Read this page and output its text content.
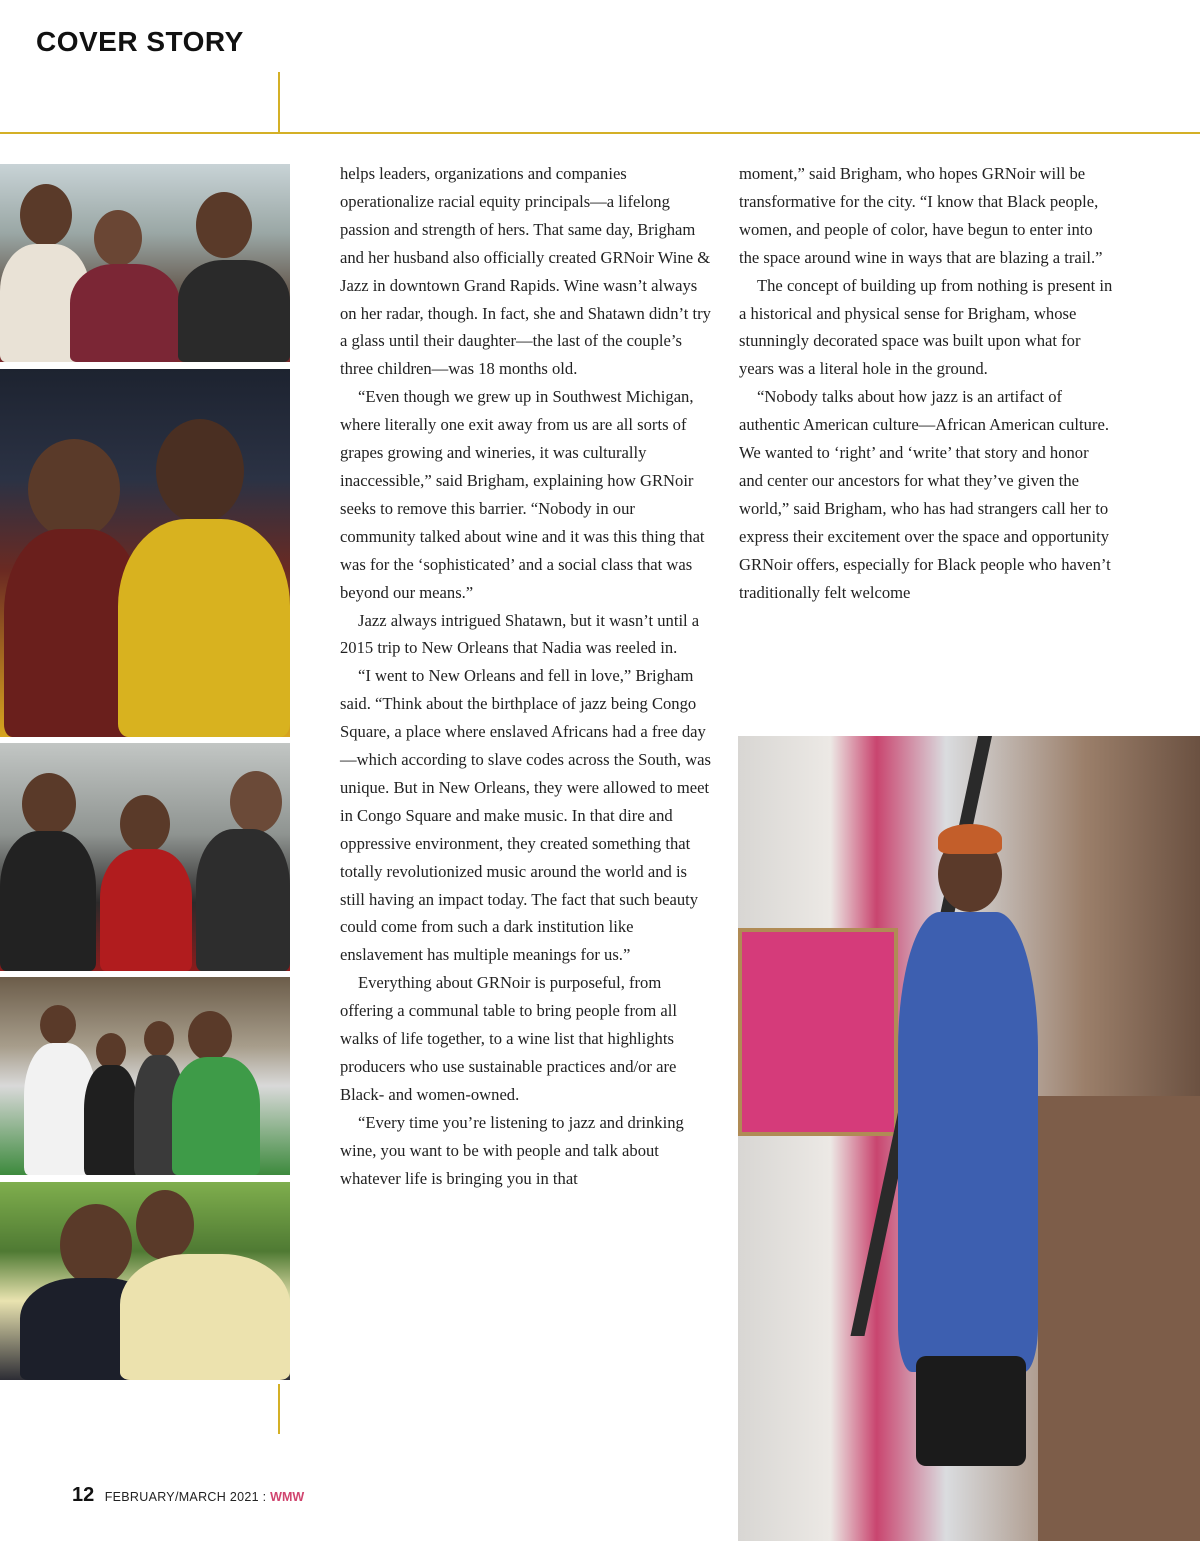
COVER STORY

helps leaders, organizations and companies operationalize racial equity principals—a lifelong passion and strength of hers. That same day, Brigham and her husband also officially created GRNoir Wine & Jazz in downtown Grand Rapids. Wine wasn’t always on her radar, though. In fact, she and Shatawn didn’t try a glass until their daughter—the last of the couple’s three children—was 18 months old.

“Even though we grew up in Southwest Michigan, where literally one exit away from us are all sorts of grapes growing and wineries, it was culturally inaccessible,” said Brigham, explaining how GRNoir seeks to remove this barrier. “Nobody in our community talked about wine and it was this thing that was for the ‘sophisticated’ and a social class that was beyond our means.”

Jazz always intrigued Shatawn, but it wasn’t until a 2015 trip to New Orleans that Nadia was reeled in.

“I went to New Orleans and fell in love,” Brigham said. “Think about the birthplace of jazz being Congo Square, a place where enslaved Africans had a free day—which according to slave codes across the South, was unique. But in New Orleans, they were allowed to meet in Congo Square and make music. In that dire and oppressive environment, they created something that totally revolutionized music around the world and is still having an impact today. The fact that such beauty could come from such a dark institution like enslavement has multiple meanings for us.”

Everything about GRNoir is purposeful, from offering a communal table to bring people from all walks of life together, to a wine list that highlights producers who use sustainable practices and/or are Black- and women-owned.

“Every time you’re listening to jazz and drinking wine, you want to be with people and talk about whatever life is bringing you in that

moment,” said Brigham, who hopes GRNoir will be transformative for the city. “I know that Black people, women, and people of color, have begun to enter into the space around wine in ways that are blazing a trail.”

The concept of building up from nothing is present in a historical and physical sense for Brigham, whose stunningly decorated space was built upon what for years was a literal hole in the ground.

“Nobody talks about how jazz is an artifact of authentic American culture—African American culture. We wanted to ‘right’ and ‘write’ that story and honor and center our ancestors for what they’ve given the world,” said Brigham, who has had strangers call her to express their excitement over the space and opportunity GRNoir offers, especially for Black people who haven’t traditionally felt welcome

12 FEBRUARY/MARCH 2021 : WMW
